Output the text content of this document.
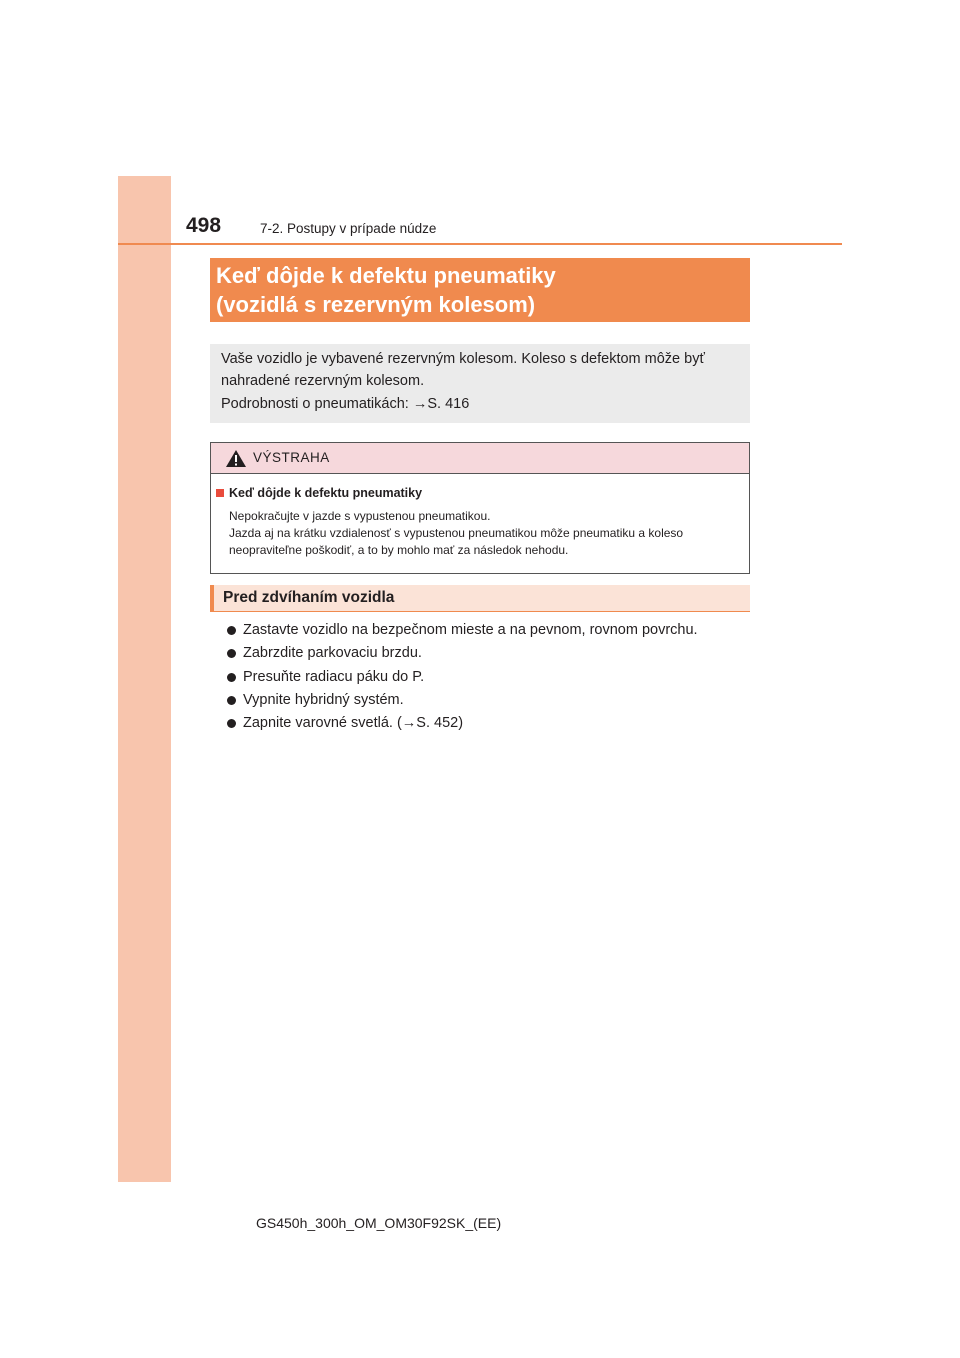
498	7-2. Postupy v prípade núdze
Keď dôjde k defektu pneumatiky
(vozidlá s rezervným kolesom)
Vaše vozidlo je vybavené rezervným kolesom. Koleso s defektom môže byť
nahradené rezervným kolesom.
Podrobnosti o pneumatikách: →S. 416
VÝSTRAHA
Keď dôjde k defektu pneumatiky
Nepokračujte v jazde s vypustenou pneumatikou.
Jazda aj na krátku vzdialenosť s vypustenou pneumatikou môže pneumatiku a koleso
neopraviteľne poškodiť, a to by mohlo mať za následok nehodu.
Pred zdvíhaním vozidla
Zastavte vozidlo na bezpečnom mieste a na pevnom, rovnom povrchu.
Zabrzdite parkovaciu brzdu.
Presuňte radiacu páku do P.
Vypnite hybridný systém.
Zapnite varovné svetlá. (→S. 452)
GS450h_300h_OM_OM30F92SK_(EE)
